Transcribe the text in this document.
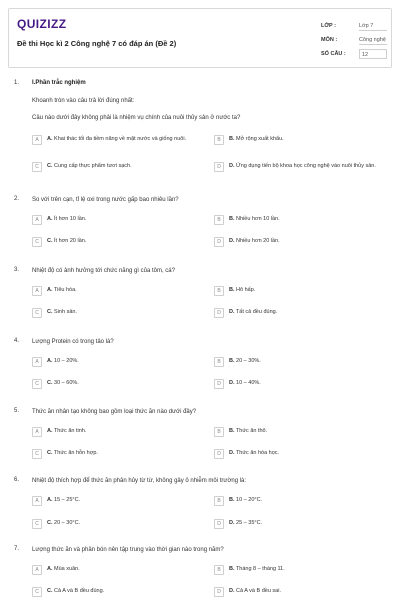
QUIZIZZ
Đề thi Học kì 2 Công nghệ 7 có đáp án (Đề 2)
LỚP :	Lớp 7
MÔN :	Công nghệ
SỐ CÂU :	12
1. I.Phần trắc nghiệm
Khoanh tròn vào câu trả lời đúng nhất:
Câu nào dưới đây không phải là nhiệm vụ chính của nuôi thủy sản ở nước ta?
A	A. Khai thác tối đa tiềm năng về mặt nước và giống nuôi.	B	B. Mở rộng xuất khẩu.
C	C. Cung cấp thực phẩm tươi sạch.	D	D. Ứng dụng tiến bộ khoa học công nghệ vào nuôi thủy sản.
2. So với trên cạn, tỉ lệ oxi trong nước gấp bao nhiêu lần?
A	A. Ít hơn 10 lần.	B	B. Nhiều hơn 10 lần.
C	C. Ít hơn 20 lần.	D	D. Nhiều hơn 20 lần.
3. Nhiệt độ có ảnh hưởng tới chức năng gì của tôm, cá?
A	A. Tiêu hóa.	B	B. Hô hấp.
C	C. Sinh sản.	D	D. Tất cả đều đúng.
4. Lượng Protein có trong tảo là?
A	A. 10 – 20%.	B	B. 20 – 30%.
C	C. 30 – 60%.	D	D. 10 – 40%.
5. Thức ăn nhân tạo không bao gồm loại thức ăn nào dưới đây?
A	A. Thức ăn tinh.	B	B. Thức ăn thô.
C	C. Thức ăn hỗn hợp.	D	D. Thức ăn hóa học.
6. Nhiệt độ thích hợp để thức ăn phân hủy từ từ, không gây ô nhiễm môi trường là:
A	A. 15 – 25°C.	B	B. 10 – 20°C.
C	C. 20 – 30°C.	D	D. 25 – 35°C.
7. Lượng thức ăn và phân bón nên tập trung vào thời gian nào trong năm?
A	A. Mùa xuân.	B	B. Tháng 8 – tháng 11.
C	C. Cả A và B đều đúng.	D	D. Cả A và B đều sai.
